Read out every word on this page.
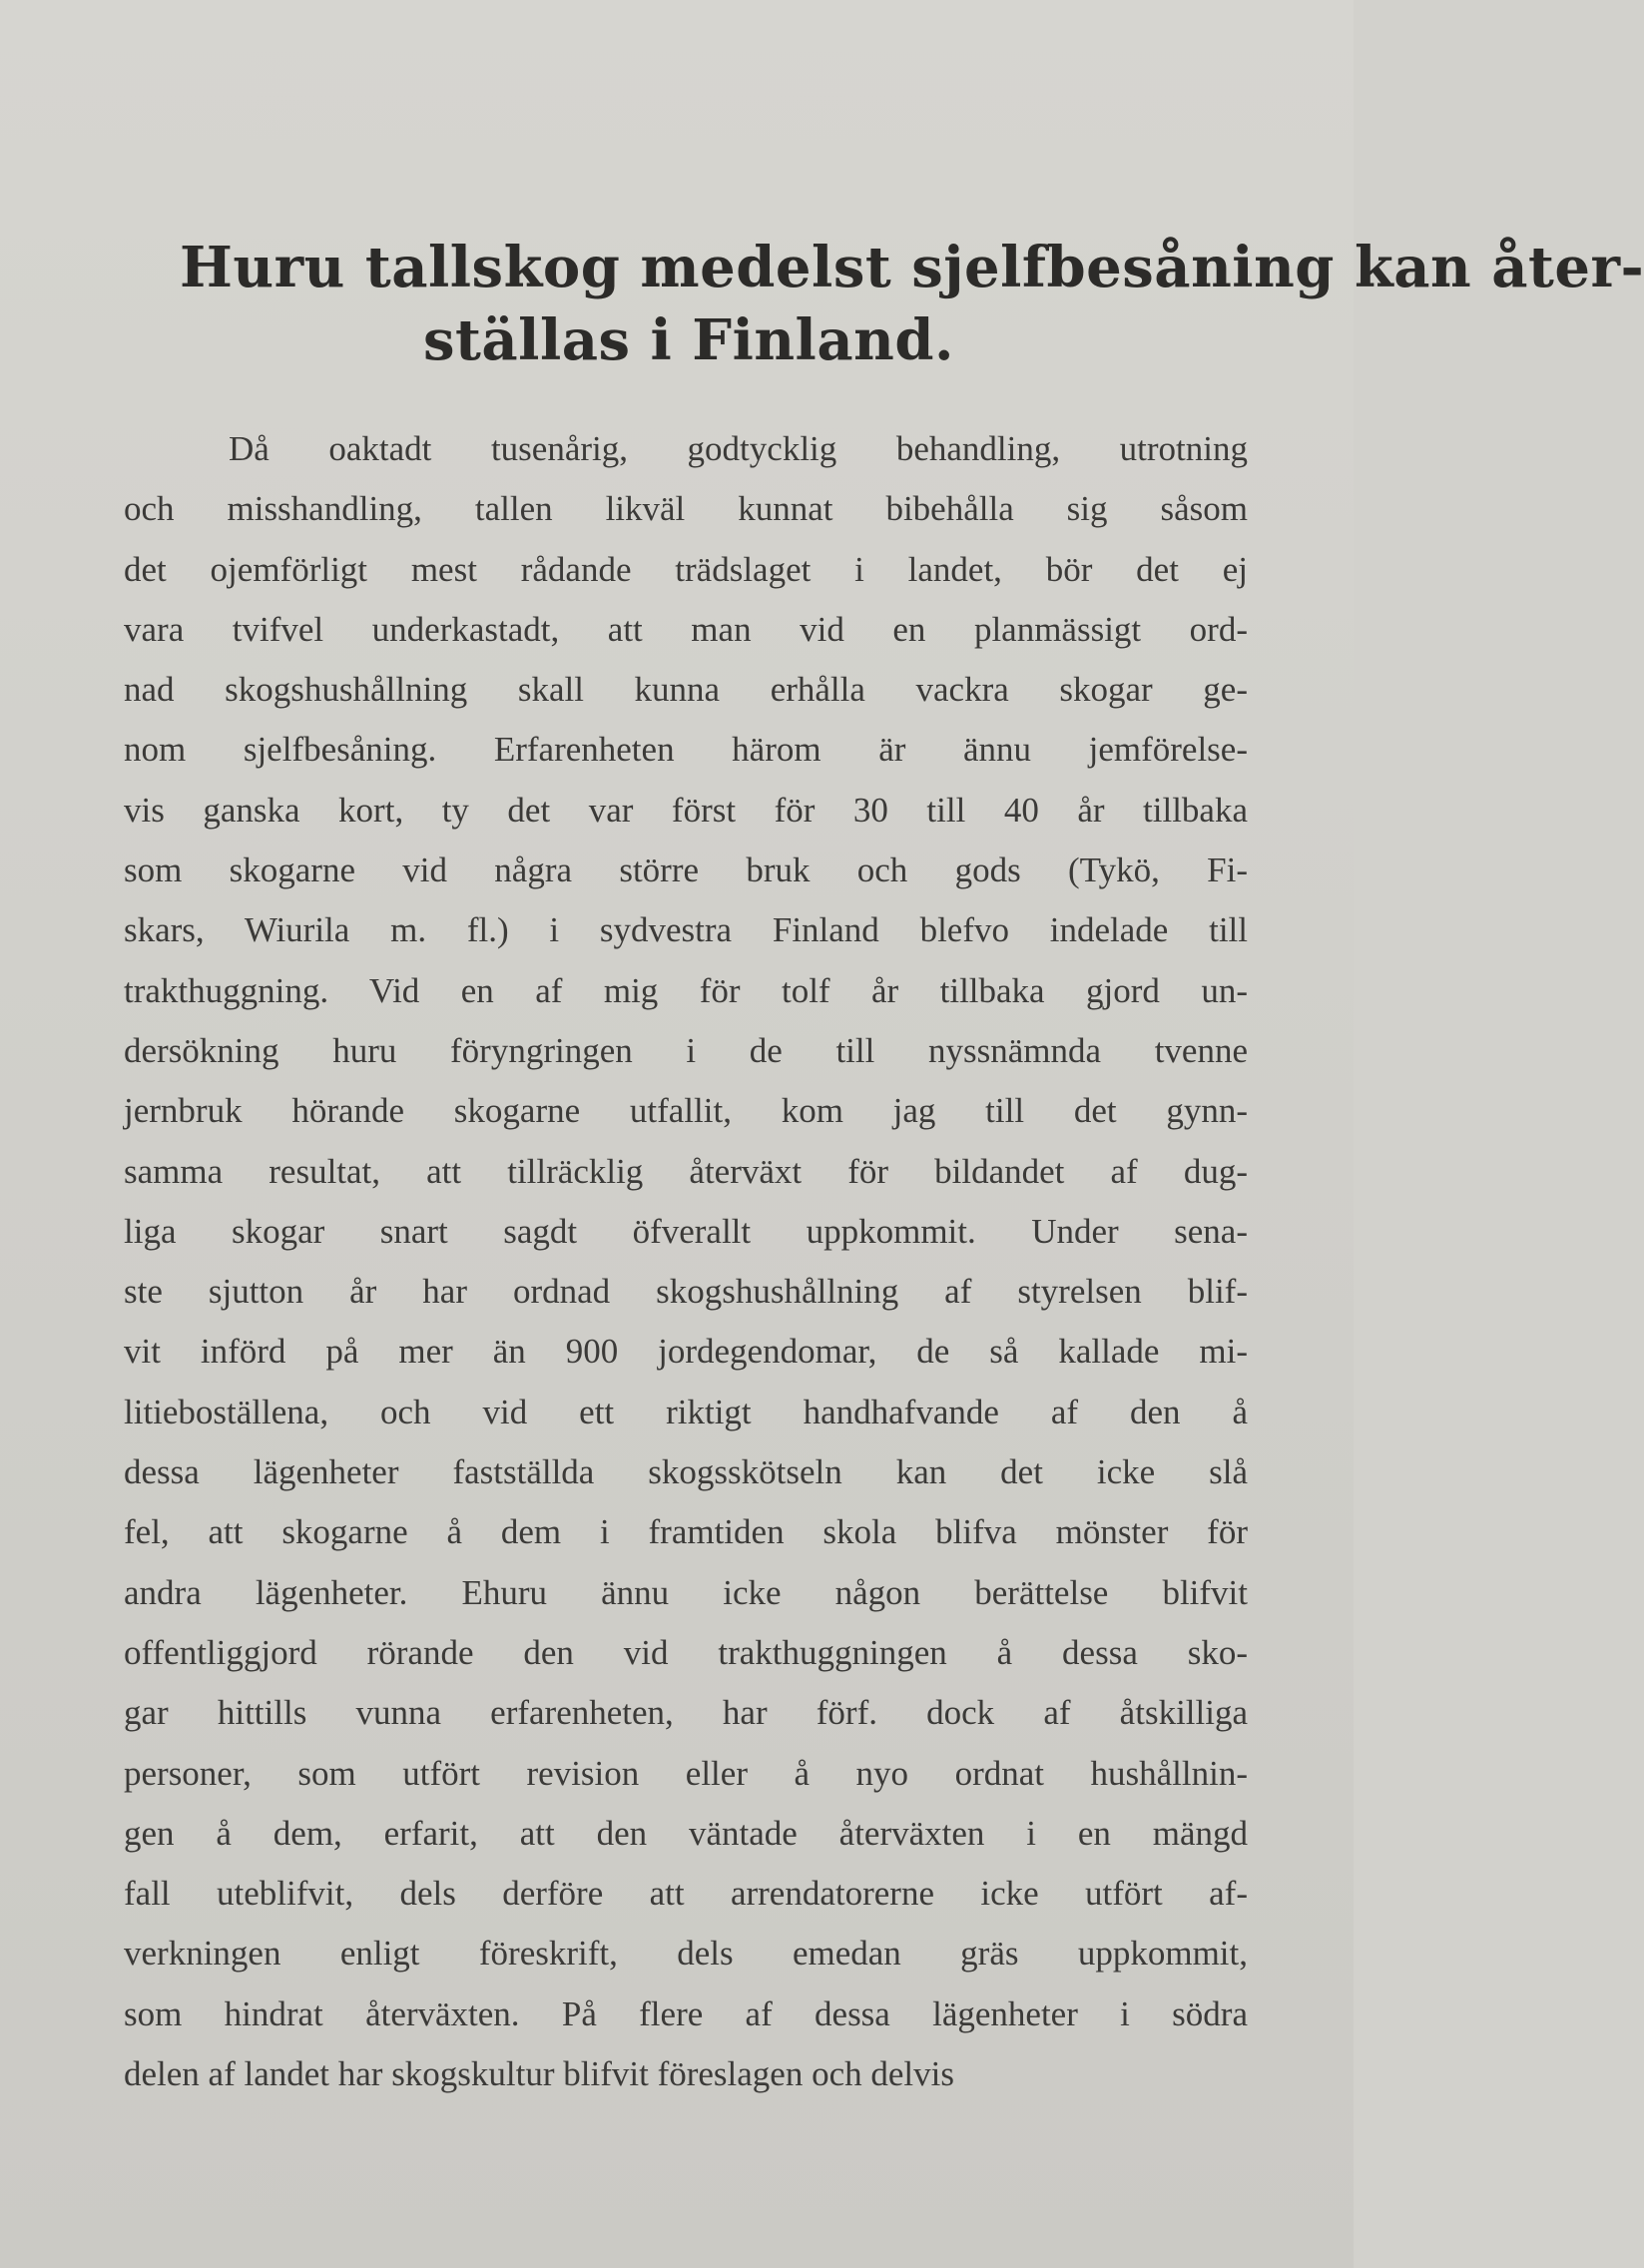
Huru tallskog medelst sjelfbesåning kan åter-
ställas i Finland.
Då oaktadt tusenårig, godtycklig behandling, utrotning
och misshandling, tallen likväl kunnat bibehålla sig såsom
det ojemförligt mest rådande trädslaget i landet, bör det ej
vara tvifvel underkastadt, att man vid en planmässigt ord-
nad skogshushållning skall kunna erhålla vackra skogar ge-
nom sjelfbesåning. Erfarenheten härom är ännu jemförelse-
vis ganska kort, ty det var först för 30 till 40 år tillbaka
som skogarne vid några större bruk och gods (Tykö, Fi-
skars, Wiurila m. fl.) i sydvestra Finland blefvo indelade till
trakthuggning. Vid en af mig för tolf år tillbaka gjord un-
dersökning huru föryngringen i de till nyssnämnda tvenne
jernbruk hörande skogarne utfallit, kom jag till det gynn-
samma resultat, att tillräcklig återväxt för bildandet af dug-
liga skogar snart sagdt öfverallt uppkommit. Under sena-
ste sjutton år har ordnad skogshushållning af styrelsen blif-
vit införd på mer än 900 jordegendomar, de så kallade mi-
litieboställena, och vid ett riktigt handhafvande af den å
dessa lägenheter fastställda skogsskötseln kan det icke slå
fel, att skogarne å dem i framtiden skola blifva mönster för
andra lägenheter. Ehuru ännu icke någon berättelse blifvit
offentliggjord rörande den vid trakthuggningen å dessa sko-
gar hittills vunna erfarenheten, har förf. dock af åtskilliga
personer, som utfört revision eller å nyo ordnat hushållnin-
gen å dem, erfarit, att den väntade återväxten i en mängd
fall uteblifvit, dels derföre att arrendatorerne icke utfört af-
verkningen enligt föreskrift, dels emedan gräs uppkommit,
som hindrat återväxten. På flere af dessa lägenheter i södra
delen af landet har skogskultur blifvit föreslagen och delvis
